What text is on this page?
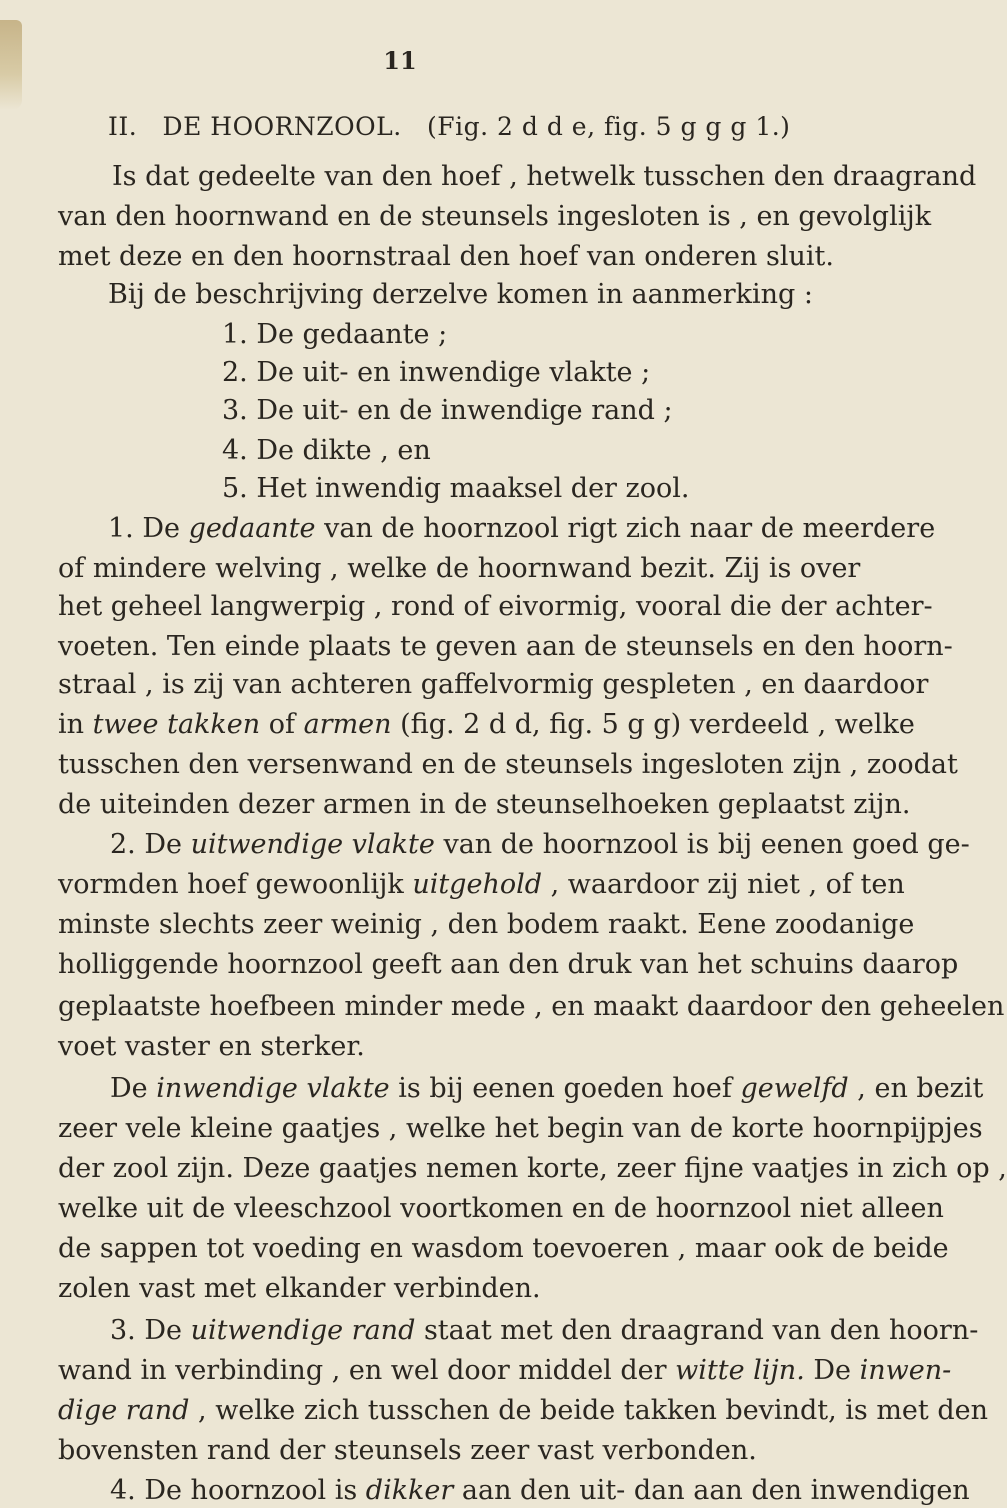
11
II. DE HOORNZOOL. (Fig. 2 d d e, fig. 5 g g g 1.)
Is dat gedeelte van den hoef , hetwelk tusschen den draagrand
van den hoornwand en de steunsels ingesloten is , en gevolglijk
met deze en den hoornstraal den hoef van onderen sluit.
Bij de beschrijving derzelve komen in aanmerking :
1. De gedaante ;
2. De uit- en inwendige vlakte ;
3. De uit- en de inwendige rand ;
4. De dikte , en
5. Het inwendig maaksel der zool.
1. De gedaante van de hoornzool rigt zich naar de meerdere
of mindere welving , welke de hoornwand bezit. Zij is over
het geheel langwerpig , rond of eivormig, vooral die der achter-
voeten. Ten einde plaats te geven aan de steunsels en den hoorn-
straal , is zij van achteren gaffelvormig gespleten , en daardoor
in twee takken of armen (fig. 2 d d, fig. 5 g g) verdeeld , welke
tusschen den versenwand en de steunsels ingesloten zijn , zoodat
de uiteinden dezer armen in de steunselhoeken geplaatst zijn.
2. De uitwendige vlakte van de hoornzool is bij eenen goed ge-
vormden hoef gewoonlijk uitgehold , waardoor zij niet , of ten
minste slechts zeer weinig , den bodem raakt. Eene zoodanige
holliggende hoornzool geeft aan den druk van het schuins daarop
geplaatste hoefbeen minder mede , en maakt daardoor den geheelen
voet vaster en sterker.
De inwendige vlakte is bij eenen goeden hoef gewelfd , en bezit
zeer vele kleine gaatjes , welke het begin van de korte hoornpijpjes
der zool zijn. Deze gaatjes nemen korte, zeer fijne vaatjes in zich op ,
welke uit de vleeschzool voortkomen en de hoornzool niet alleen
de sappen tot voeding en wasdom toevoeren , maar ook de beide
zolen vast met elkander verbinden.
3. De uitwendige rand staat met den draagrand van den hoorn-
wand in verbinding , en wel door middel der witte lijn. De inwen-
dige rand , welke zich tusschen de beide takken bevindt, is met den
bovensten rand der steunsels zeer vast verbonden.
4. De hoornzool is dikker aan den uit- dan aan den inwendigen
